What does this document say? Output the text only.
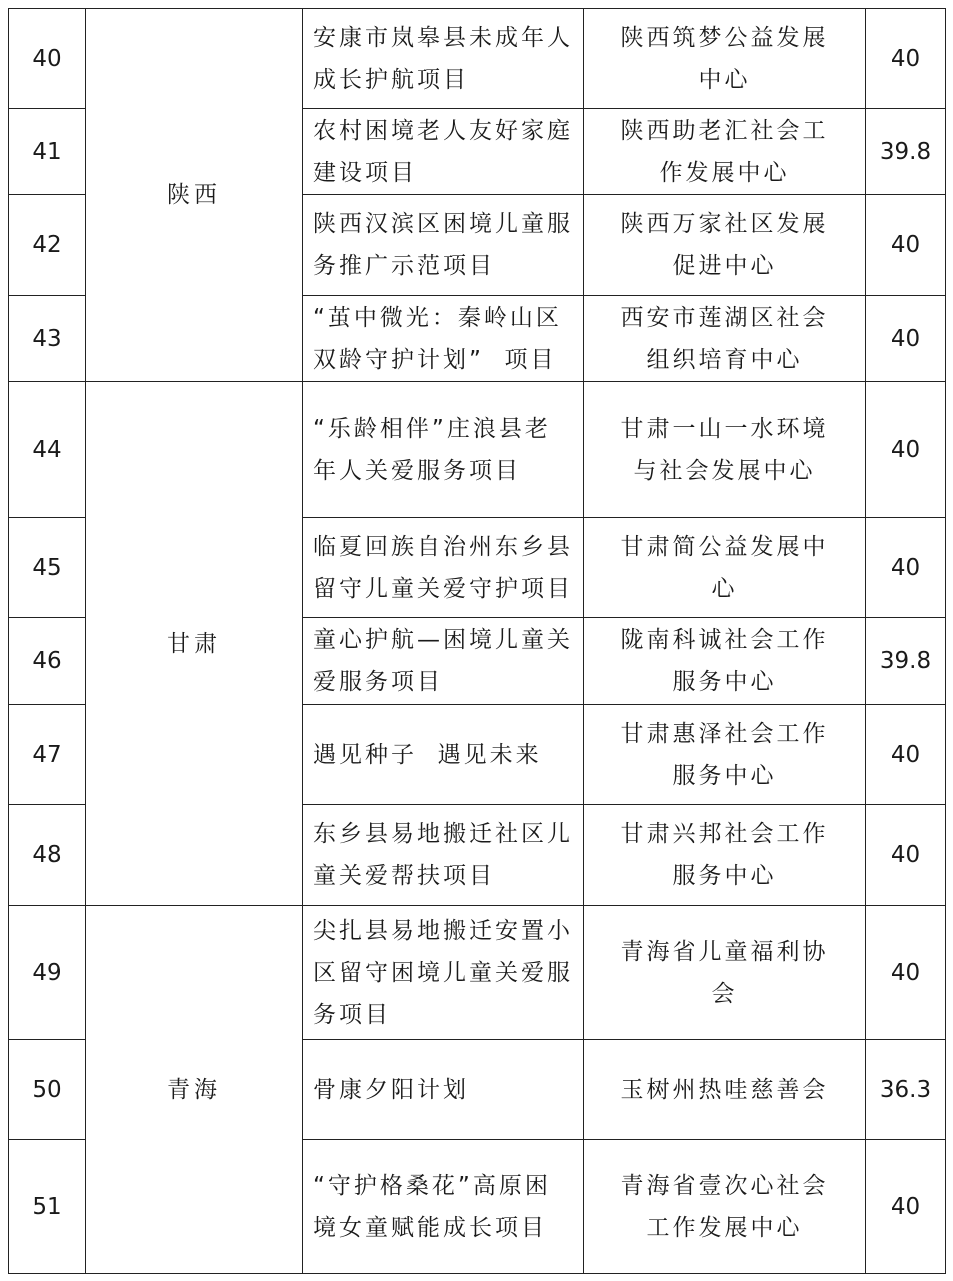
40	陕西	安康市岚皋县未成年人
成长护航项目	陕西筑梦公益发展
中心	40
41		农村困境老人友好家庭
建设项目	陕西助老汇社会工
作发展中心	39.8
42		陕西汉滨区困境儿童服
务推广示范项目	陕西万家社区发展
促进中心	40
43		“茧中微光：秦岭山区
双龄守护计划”  项目	西安市莲湖区社会
组织培育中心	40
44	甘肃	“乐龄相伴”庄浪县老
年人关爱服务项目	甘肃一山一水环境
与社会发展中心	40
45		临夏回族自治州东乡县
留守儿童关爱守护项目	甘肃简公益发展中
心	40
46		童心护航—困境儿童关
爱服务项目	陇南科诚社会工作
服务中心	39.8
47		遇见种子  遇见未来	甘肃惠泽社会工作
服务中心	40
48		东乡县易地搬迁社区儿
童关爱帮扶项目	甘肃兴邦社会工作
服务中心	40
49	青海	尖扎县易地搬迁安置小
区留守困境儿童关爱服
务项目	青海省儿童福利协
会	40
50		骨康夕阳计划	玉树州热哇慈善会	36.3
51		“守护格桑花”高原困
境女童赋能成长项目	青海省壹次心社会
工作发展中心	40
